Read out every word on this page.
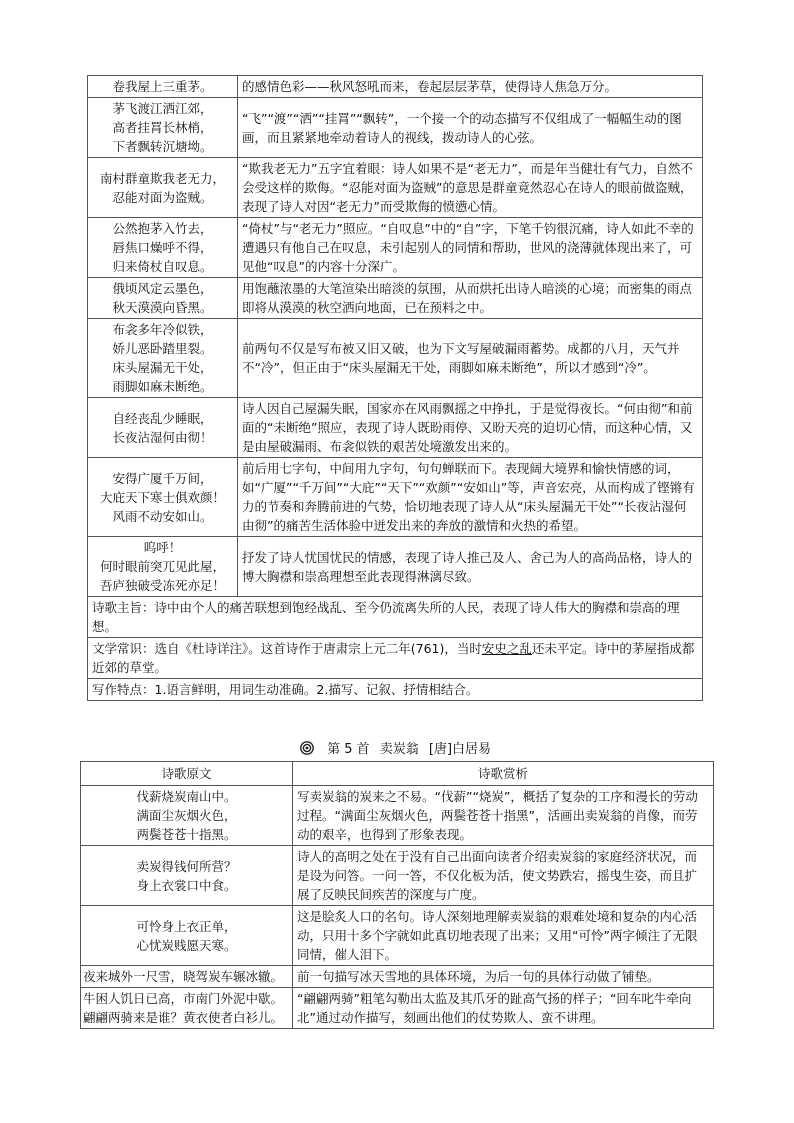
卷我屋上三重茅。	的感情色彩——秋风怒吼而来，卷起层层茅草，使得诗人焦急万分。

茅飞渡江洒江郊，
高者挂罥长林梢，
下者飘转沉塘坳。	“飞”“渡”“洒”“挂罥”“飘转”，一个接一个的动态描写不仅组成了一幅幅生动的图画，而且紧紧地牵动着诗人的视线，拨动诗人的心弦。

南村群童欺我老无力，
忍能对面为盗贼。	“欺我老无力”五字宜着眼：诗人如果不是“老无力”，而是年当健壮有气力，自然不会受这样的欺侮。“忍能对面为盗贼”的意思是群童竟然忍心在诗人的眼前做盗贼，表现了诗人对因“老无力”而受欺侮的愤懑心情。

公然抱茅入竹去，
唇焦口燥呼不得，
归来倚杖自叹息。	“倚杖”与“老无力”照应。“自叹息”中的“自”字，下笔千钧很沉痛，诗人如此不幸的遭遇只有他自己在叹息，未引起别人的同情和帮助，世风的浇薄就体现出来了，可见他“叹息”的内容十分深广。

俄顷风定云墨色，
秋天漠漠向昏黑。	用饱蘸浓墨的大笔渲染出暗淡的氛围，从而烘托出诗人暗淡的心境；而密集的雨点即将从漠漠的秋空洒向地面，已在预料之中。

布衾多年冷似铁，
娇儿恶卧踏里裂。
床头屋漏无干处，
雨脚如麻未断绝。	前两句不仅是写布被又旧又破，也为下文写屋破漏雨蓄势。成都的八月，天气并不“冷”，但正由于“床头屋漏无干处，雨脚如麻未断绝”，所以才感到“冷”。

自经丧乱少睡眠，
长夜沾湿何由彻！	诗人因自己屋漏失眠，国家亦在风雨飘摇之中挣扎，于是觉得夜长。“何由彻”和前面的“未断绝”照应，表现了诗人既盼雨停、又盼天亮的迫切心情，而这种心情，又是由屋破漏雨、布衾似铁的艰苦处境激发出来的。

安得广厦千万间，
大庇天下寒士俱欢颜！
风雨不动安如山。	前后用七字句，中间用九字句，句句蝉联而下。表现阔大境界和愉快情感的词，如“广厦”“千万间”“大庇”“天下”“欢颜”“安如山”等，声音宏亮，从而构成了铿锵有力的节奏和奔腾前进的气势，恰切地表现了诗人从“床头屋漏无干处”“长夜沾湿何由彻”的痛苦生活体验中迸发出来的奔放的激情和火热的希望。

呜呼！
何时眼前突兀见此屋，
吾庐独破受冻死亦足！	抒发了诗人忧国忧民的情感，表现了诗人推己及人、舍己为人的高尚品格，诗人的博大胸襟和崇高理想至此表现得淋漓尽致。
诗歌主旨：诗中由个人的痛苦联想到饱经战乱、至今仍流离失所的人民，表现了诗人伟大的胸襟和崇高的理想。	
文学常识：选自《杜诗详注》。这首诗作于唐肃宗上元二年(761)，当时安史之乱还未平定。诗中的茅屋指成都近郊的草堂。	
写作特点：1.语言鲜明，用词生动准确。2.描写、记叙、抒情相结合。	
第 5 首 卖炭翁 [唐]白居易
诗歌原文	诗歌赏析

伐薪烧炭南山中。
满面尘灰烟火色，
两鬓苍苍十指黑。	写卖炭翁的炭来之不易。“伐薪”“烧炭”，概括了复杂的工序和漫长的劳动过程。“满面尘灰烟火色，两鬓苍苍十指黑”，活画出卖炭翁的肖像，而劳动的艰辛，也得到了形象表现。

卖炭得钱何所营？
身上衣裳口中食。	诗人的高明之处在于没有自己出面向读者介绍卖炭翁的家庭经济状况，而是设为问答。一问一答，不仅化板为活，使文势跌宕，摇曳生姿，而且扩展了反映民间疾苦的深度与广度。

可怜身上衣正单，
心忧炭贱愿天寒。	这是脍炙人口的名句。诗人深刻地理解卖炭翁的艰难处境和复杂的内心活动，只用十多个字就如此真切地表现了出来；又用“可怜”两字倾注了无限同情，催人泪下。

夜来城外一尺雪，晓驾炭车辗冰辙。	前一句描写冰天雪地的具体环境，为后一句的具体行动做了铺垫。

牛困人饥日已高，市南门外泥中歇。
翩翩两骑来是谁？黄衣使者白衫儿。	“翩翩两骑”粗笔勾勒出太监及其爪牙的趾高气扬的样子；“回车叱牛牵向北”通过动作描写，刻画出他们的仗势欺人、蛮不讲理。
